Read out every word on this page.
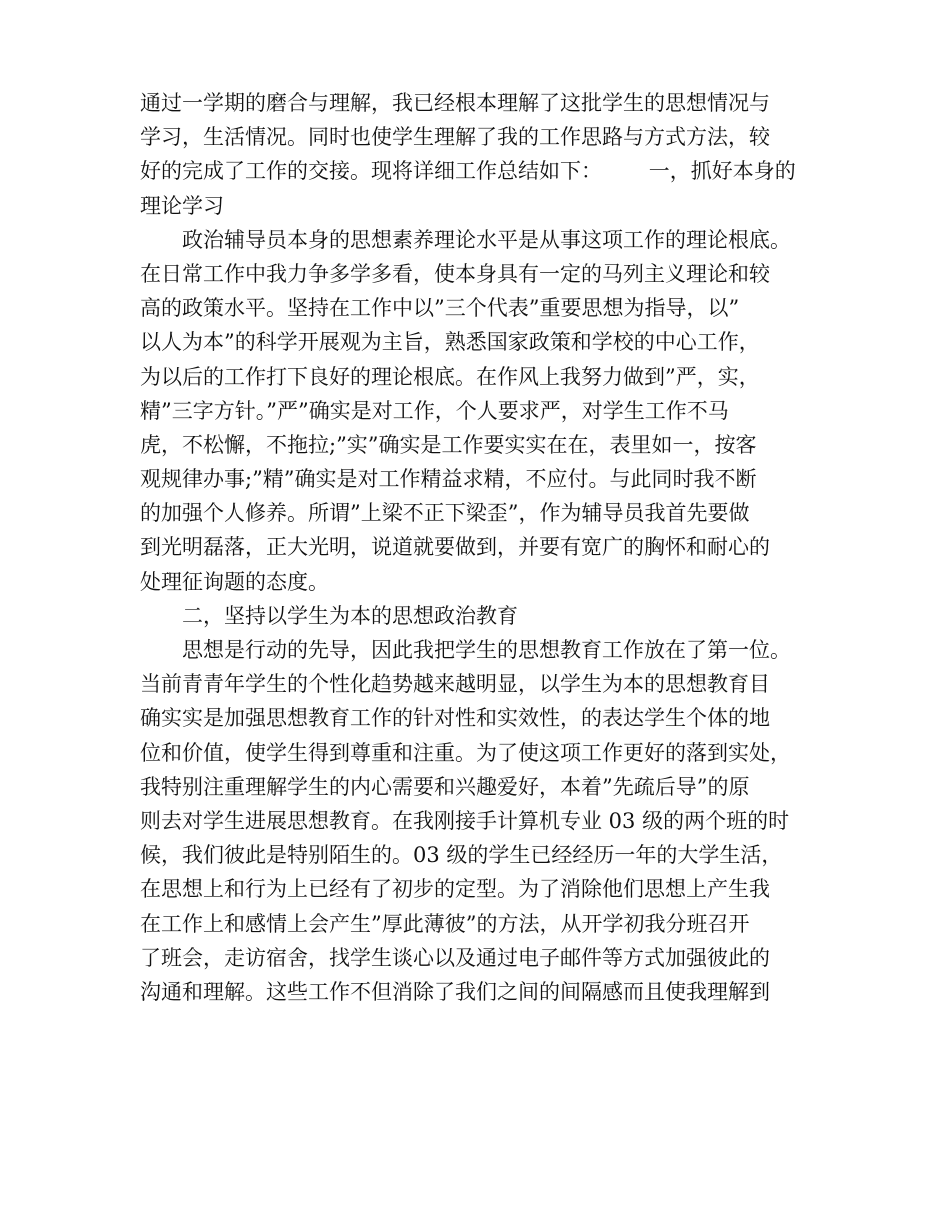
通过一学期的磨合与理解，我已经根本理解了这批学生的思想情况与
学习，生活情况。同时也使学生理解了我的工作思路与方式方法，较
好的完成了工作的交接。现将详细工作总结如下：       一，抓好本身的
理论学习
政治辅导员本身的思想素养理论水平是从事这项工作的理论根底。
在日常工作中我力争多学多看，使本身具有一定的马列主义理论和较
高的政策水平。坚持在工作中以”三个代表”重要思想为指导，以”
以人为本”的科学开展观为主旨，熟悉国家政策和学校的中心工作，
为以后的工作打下良好的理论根底。在作风上我努力做到”严，实，
精”三字方针。”严”确实是对工作，个人要求严，对学生工作不马
虎，不松懈，不拖拉;”实”确实是工作要实实在在，表里如一，按客
观规律办事;”精”确实是对工作精益求精，不应付。与此同时我不断
的加强个人修养。所谓”上梁不正下梁歪”，作为辅导员我首先要做
到光明磊落，正大光明，说道就要做到，并要有宽广的胸怀和耐心的
处理征询题的态度。
二，坚持以学生为本的思想政治教育
思想是行动的先导，因此我把学生的思想教育工作放在了第一位。
当前青青年学生的个性化趋势越来越明显，以学生为本的思想教育目
确实实是加强思想教育工作的针对性和实效性，的表达学生个体的地
位和价值，使学生得到尊重和注重。为了使这项工作更好的落到实处，
我特别注重理解学生的内心需要和兴趣爱好，本着”先疏后导”的原
则去对学生进展思想教育。在我刚接手计算机专业 03 级的两个班的时
候，我们彼此是特别陌生的。03 级的学生已经经历一年的大学生活，
在思想上和行为上已经有了初步的定型。为了消除他们思想上产生我
在工作上和感情上会产生”厚此薄彼”的方法，从开学初我分班召开
了班会，走访宿舍，找学生谈心以及通过电子邮件等方式加强彼此的
沟通和理解。这些工作不但消除了我们之间的间隔感而且使我理解到
